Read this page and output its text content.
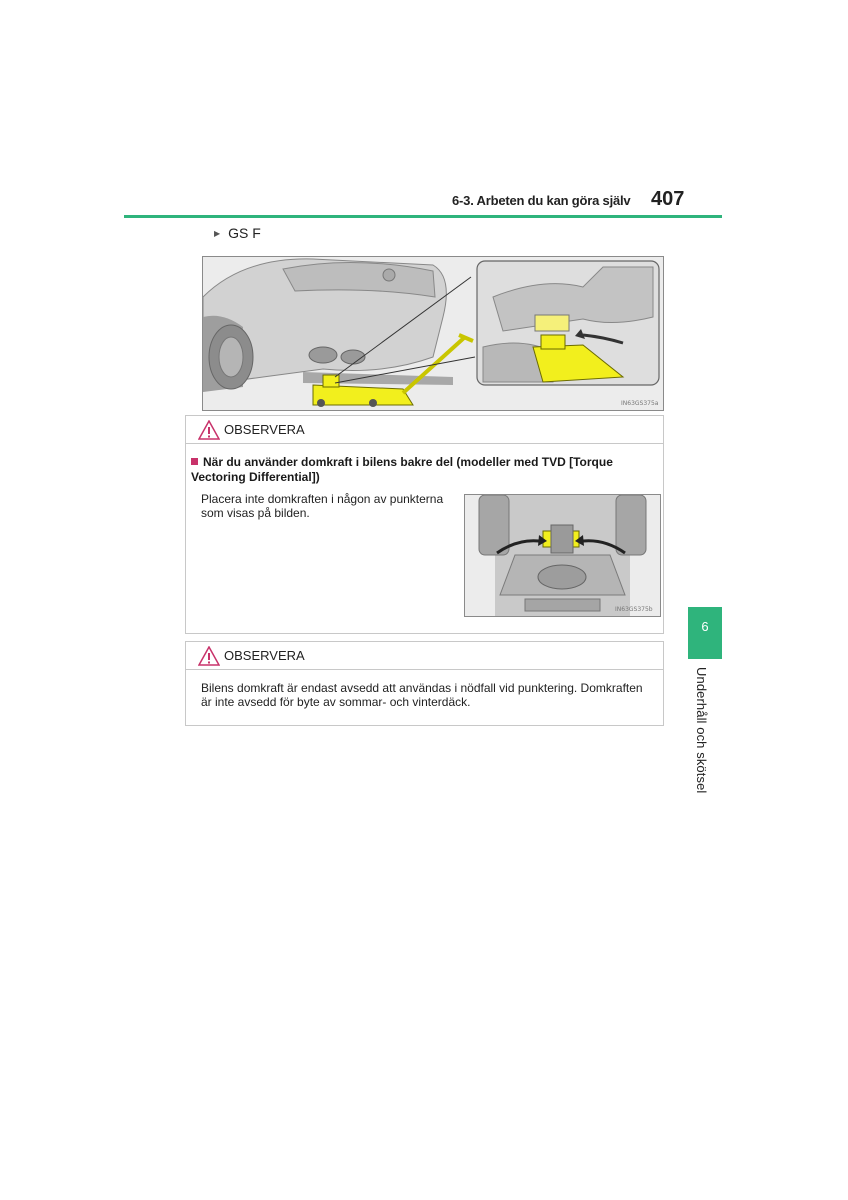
6-3. Arbeten du kan göra själv 407
▶ GS F
IN63GS375a
OBSERVERA
När du använder domkraft i bilens bakre del (modeller med TVD [Torque Vectoring Differential])
Placera inte domkraften i någon av punkterna som visas på bilden.
IN63GS375b
OBSERVERA
Bilens domkraft är endast avsedd att användas i nödfall vid punktering. Domkraften är inte avsedd för byte av sommar- och vinterdäck.
6
Underhåll och skötsel
